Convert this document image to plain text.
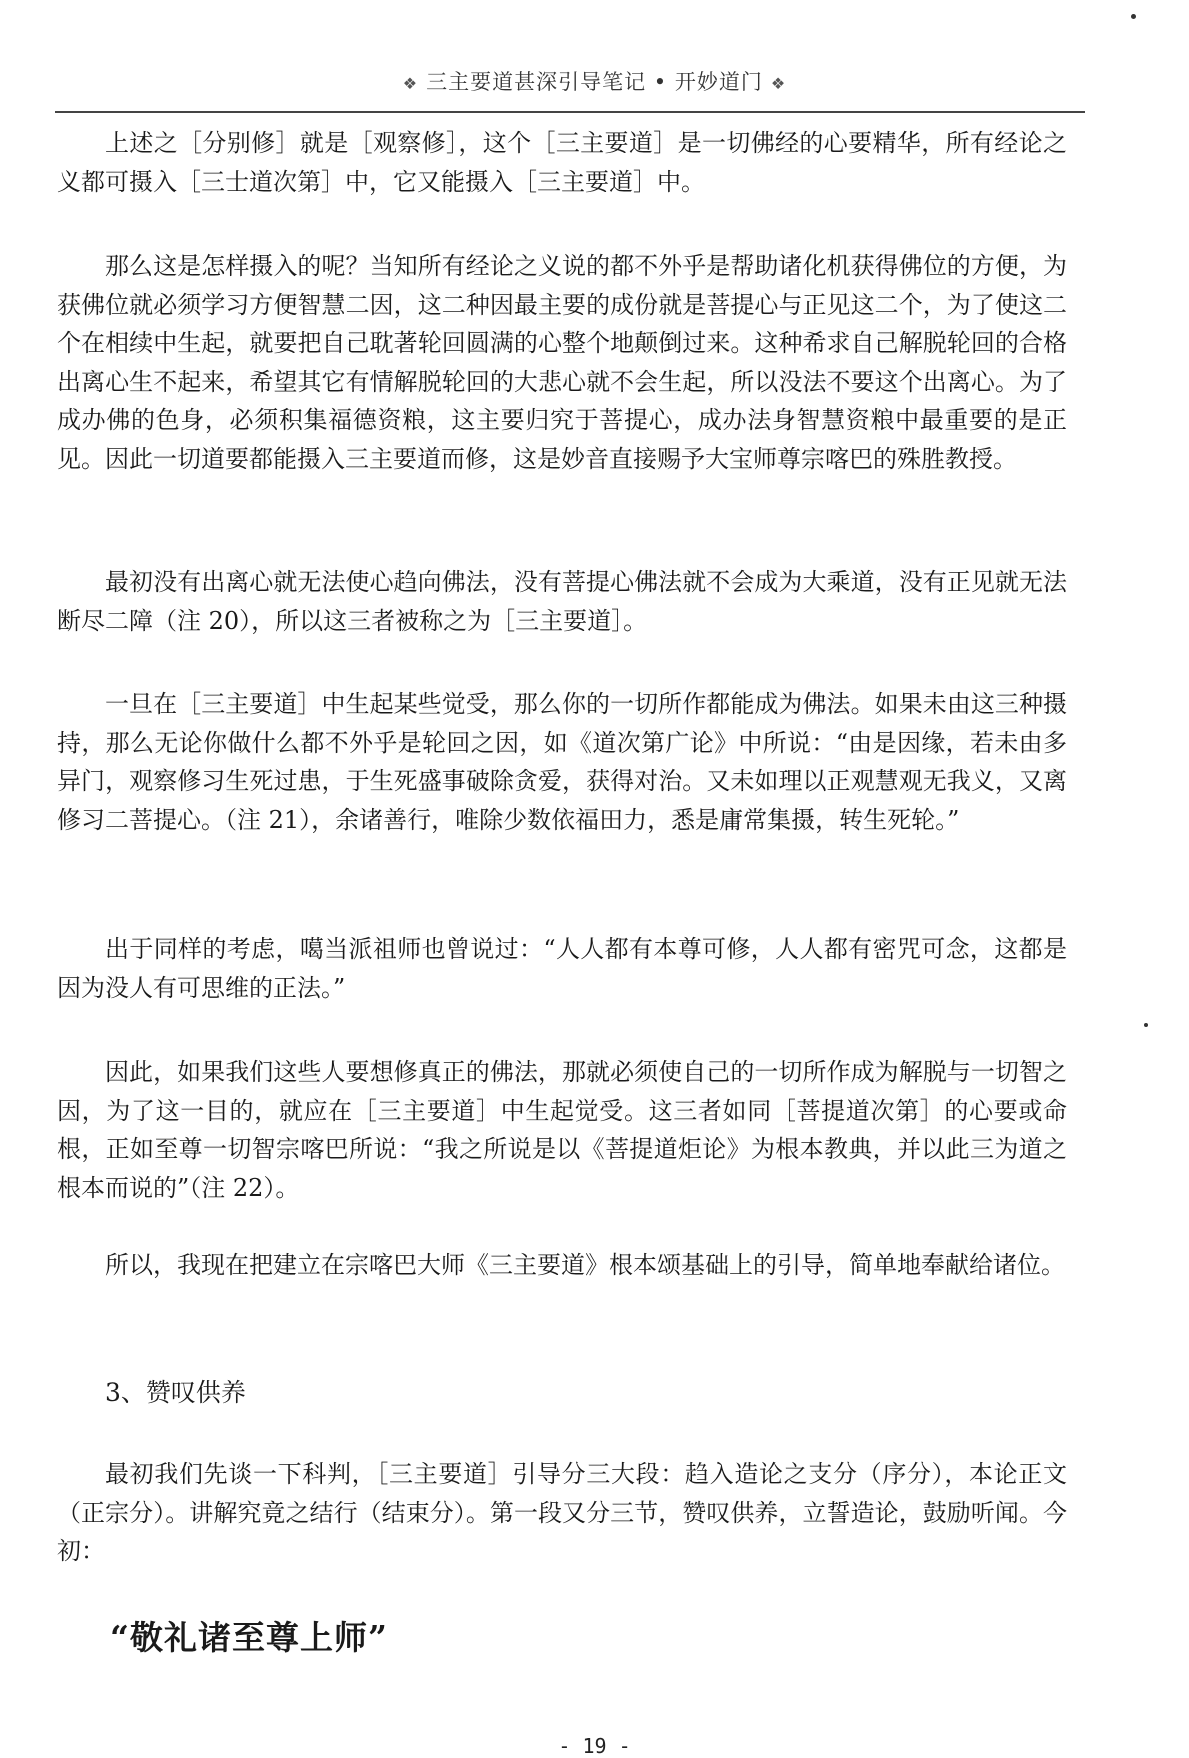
❖ 三主要道甚深引导笔记 • 开妙道门 ❖

上述之［分别修］就是［观察修］，这个［三主要道］是一切佛经的心要精华，所有经论之义都可摄入［三士道次第］中，它又能摄入［三主要道］中。

那么这是怎样摄入的呢？当知所有经论之义说的都不外乎是帮助诸化机获得佛位的方便，为获佛位就必须学习方便智慧二因，这二种因最主要的成份就是菩提心与正见这二个，为了使这二个在相续中生起，就要把自己耽著轮回圆满的心整个地颠倒过来。这种希求自己解脱轮回的合格出离心生不起来，希望其它有情解脱轮回的大悲心就不会生起，所以没法不要这个出离心。为了成办佛的色身，必须积集福德资粮，这主要归究于菩提心，成办法身智慧资粮中最重要的是正见。因此一切道要都能摄入三主要道而修，这是妙音直接赐予大宝师尊宗喀巴的殊胜教授。

最初没有出离心就无法使心趋向佛法，没有菩提心佛法就不会成为大乘道，没有正见就无法断尽二障（注 20），所以这三者被称之为［三主要道］。

一旦在［三主要道］中生起某些觉受，那么你的一切所作都能成为佛法。如果未由这三种摄持，那么无论你做什么都不外乎是轮回之因，如《道次第广论》中所说：“由是因缘，若未由多异门，观察修习生死过患，于生死盛事破除贪爱，获得对治。又未如理以正观慧观无我义，又离修习二菩提心。（注 21），余诸善行，唯除少数依福田力，悉是庸常集摄，转生死轮。”

出于同样的考虑，噶当派祖师也曾说过：“人人都有本尊可修，人人都有密咒可念，这都是因为没人有可思维的正法。”

因此，如果我们这些人要想修真正的佛法，那就必须使自己的一切所作成为解脱与一切智之因，为了这一目的，就应在［三主要道］中生起觉受。这三者如同［菩提道次第］的心要或命根，正如至尊一切智宗喀巴所说：“我之所说是以《菩提道炬论》为根本教典，并以此三为道之根本而说的”（注 22）。

所以，我现在把建立在宗喀巴大师《三主要道》根本颂基础上的引导，简单地奉献给诸位。

3、赞叹供养

最初我们先谈一下科判，［三主要道］引导分三大段：趋入造论之支分（序分），本论正文（正宗分）。讲解究竟之结行（结束分）。第一段又分三节，赞叹供养，立誓造论，鼓励听闻。今初：

“敬礼诸至尊上师”

- 19 -
